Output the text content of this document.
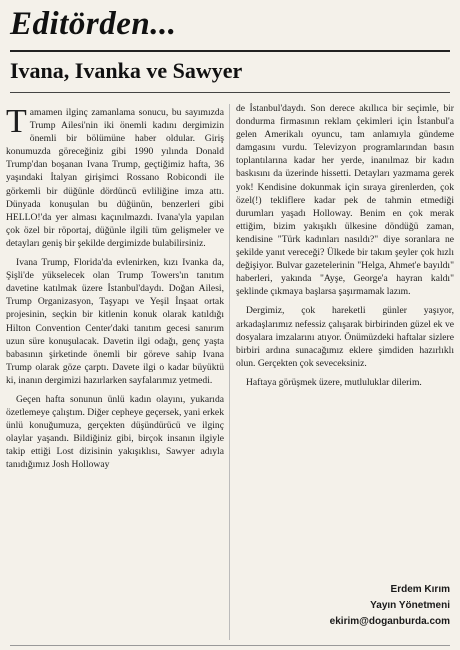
Editörden...
Ivana, Ivanka ve Sawyer

Tamamen ilginç zamanlama sonucu, bu sayımızda Trump Ailesi'nin iki önemli kadını dergimizin önemli bir bölümüne haber oldular. Giriş konumuzda göreceğiniz gibi 1990 yılında Donald Trump'dan boşanan Ivana Trump, geçtiğimiz hafta, 36 yaşındaki İtalyan girişimci Rossano Robicondi ile görkemli bir düğünle dördüncü evliliğine imza attı. Dünyada konuşulan bu düğünün, benzerleri gibi HELLO!'da yer alması kaçınılmazdı. Ivana'yla yapılan çok özel bir röportaj, düğünle ilgili tüm gelişmeler ve detayları geniş bir şekilde dergimizde bulabilirsiniz.

Ivana Trump, Florida'da evlenirken, kızı Ivanka da, Şişli'de yükselecek olan Trump Towers'ın tanıtım davetine katılmak üzere İstanbul'daydı. Doğan Ailesi, Trump Organizasyon, Taşyapı ve Yeşil İnşaat ortak projesinin, seçkin bir kitlenin konuk olarak katıldığı Hilton Convention Center'daki tanıtım gecesi sanırım uzun süre konuşulacak. Davetin ilgi odağı, genç yaşta babasının şirketinde önemli bir göreve sahip Ivana Trump olarak göze çarptı. Davete ilgi o kadar büyüktü ki, inanın dergimizi hazırlarken sayfalarımız yetmedi.

Geçen hafta sonunun ünlü kadın olayını, yukarıda özetlemeye çalıştım. Diğer cepheye geçersek, yani erkek ünlü konuğumuza, gerçekten düşündürücü ve ilginç olaylar yaşandı. Bildiğiniz gibi, birçok insanın ilgiyle takip ettiği Lost dizisinin yakışıklısı, Sawyer adıyla tanıdığımız Josh Holloway

de İstanbul'daydı. Son derece akıllıca bir seçimle, bir dondurma firmasının reklam çekimleri için İstanbul'a gelen Amerikalı oyuncu, tam anlamıyla gündeme damgasını vurdu. Televizyon programlarından basın toplantılarına kadar her yerde, inanılmaz bir kadın baskısını da üzerinde hissetti. Detayları yazmama gerek yok! Kendisine dokunmak için sıraya girenlerden, çok özel(!) tekliflere kadar pek de tahmin etmediği durumları yaşadı Holloway. Benim en çok merak ettiğim, bizim yakışıklı ülkesine döndüğü zaman, kendisine "Türk kadınları nasıldı?" diye soranlara ne şekilde yanıt vereceği? Ülkede bir takım şeyler çok hızlı değişiyor. Bulvar gazetelerinin "Helga, Ahmet'e bayıldı" haberleri, yakında "Ayşe, George'a hayran kaldı" şeklinde çıkmaya başlarsa şaşırmamak lazım.

Dergimiz, çok hareketli günler yaşıyor, arkadaşlarımız nefessiz çalışarak birbirinden güzel ek ve dosyalara imzalarını atıyor. Önümüzdeki haftalar sizlere birbiri ardına sunacağımız eklere şimdiden hazırlıklı olun. Gerçekten çok seveceksiniz.

Haftaya görüşmek üzere, mutluluklar dilerim.

Erdem Kırım
Yayın Yönetmeni
ekirim@doganburda.com
